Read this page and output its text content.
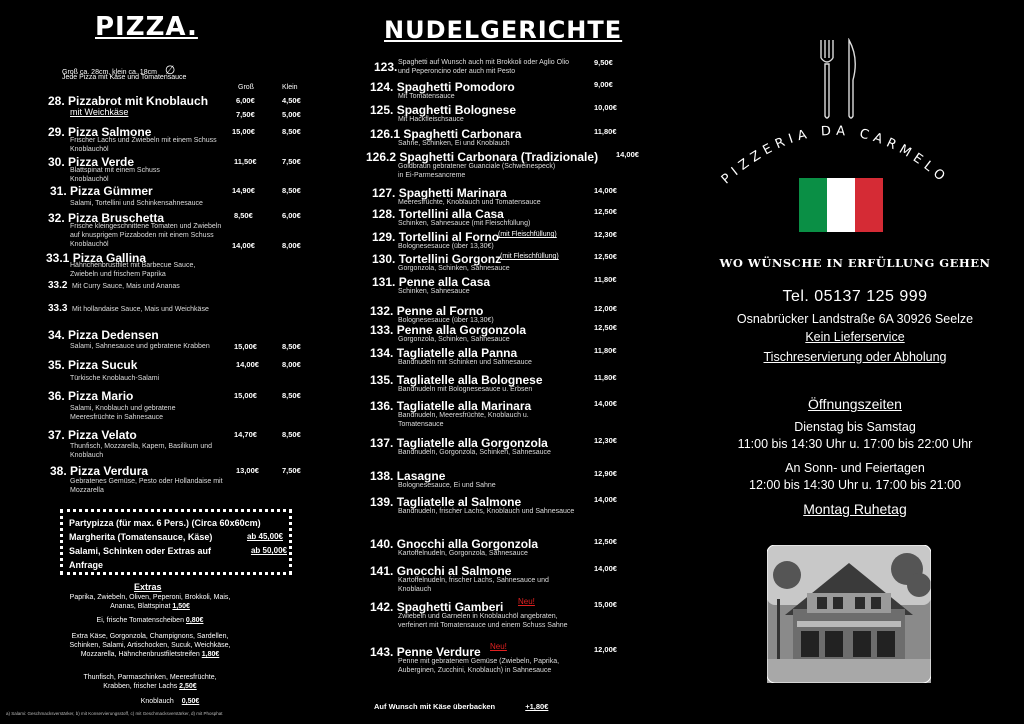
PIZZA.
Groß ca. 28cm, klein ca. 18cm ∅
Jede Pizza mit Käse und Tomatensauce
Groß	Klein
28. Pizzabrot mit Knoblauch
mit Weichkäse
6,00€	4,50€
7,50€	5,00€
29. Pizza Salmone
Frischer Lachs und Zwiebeln mit einem Schuss Knoblauchöl
15,00€	8,50€
30. Pizza Verde
Blattspinat mit einem Schuss Knoblauchöl
11,50€	7,50€
31. Pizza Gümmer
Salami, Tortellini und Schinkensahnesauce
14,90€	8,50€
32. Pizza Bruschetta
Frische kleingeschnittene Tomaten und Zwiebeln auf knusprigem Pizzaboden mit einem Schuss Knoblauchöl
8,50€	6,00€
14,00€	8,00€
33.1 Pizza Gallina
Hähnchenbrustfilet mit Barbecue Sauce, Zwiebeln und frischem Paprika
33.2 Mit Curry Sauce, Mais und Ananas
33.3 Mit hollandaise Sauce, Mais und Weichkäse
34. Pizza Dedensen
Salami, Sahnesauce und gebratene Krabben	15,00€	8,50€
35. Pizza Sucuk
Türkische Knoblauch-Salami
14,00€	8,00€
36. Pizza Mario
Salami, Knoblauch und gebratene Meeresfrüchte in Sahnesauce
15,00€	8,50€
37. Pizza Velato
Thunfisch, Mozzarella, Kapern, Basilikum und Knoblauch
14,70€	8,50€
38. Pizza Verdura
Gebratenes Gemüse, Pesto oder Hollandaise mit Mozzarella
13,00€	7,50€
Partypizza (für max. 6 Pers.) (Circa 60x60cm)
Margherita (Tomatensauce, Käse)	ab 45,00€
Salami, Schinken oder Extras auf Anfrage
ab 50,00€
Extras
Paprika, Zwiebeln, Oliven, Peperoni, Brokkoli, Mais, Ananas, Blattspinat 1,50€
Ei, frische Tomatenscheiben 0,80€
Extra Käse, Gorgonzola, Champignons, Sardellen, Schinken, Salami, Artischocken, Sucuk, Weichkäse, Mozzarella, Hähnchenbrustfiletstreifen 1,80€
Thunfisch, Parmaschinken, Meeresfrüchte, Krabben, frischer Lachs 2,50€
Knoblauch 0,50€
a) Salami: Geschmacksverstärker, b) mit Konservierungsstoff, c) mit Geschmacksverstärker, d) mit Phosphat
NUDELGERICHTE
123. Spaghetti auf Wunsch auch mit Brokkoli oder Aglio Olio und Peperoncino oder auch mit Pesto
9,50€
124. Spaghetti Pomodoro
Mit Tomatensauce
9,00€
125. Spaghetti Bolognese
Mit Hackfleischsauce
10,00€
126.1 Spaghetti Carbonara
Sahne, Schinken, Ei und Knoblauch
11,80€
126.2 Spaghetti Carbonara (Tradizionale)
Goldbraun gebratener Guanciale (Schweinespeck) in Ei-Parmesancreme
14,00€
127. Spaghetti Marinara
Meeresfrüchte, Knoblauch und Tomatensauce
14,00€
128. Tortellini alla Casa
Schinken, Sahnesauce (mit Fleischfüllung)
12,50€
129. Tortellini al Forno
(mit Fleischfüllung)
Bolognesesauce (über 13,30€)
12,30€
130. Tortellini Gorgonz
(mit Fleischfüllung)
Gorgonzola, Schinken, Sahnesauce
12,50€
131. Penne alla Casa
Schinken, Sahnesauce
11,80€
132. Penne al Forno
Bolognesesauce (über 13,30€)
12,00€
133. Penne alla Gorgonzola
Gorgonzola, Schinken, Sahnesauce
12,50€
134. Tagliatelle alla Panna
Bandnudeln mit Schinken und Sahnesauce
11,80€
135. Tagliatelle alla Bolognese
Bandnudeln mit Bolognesesauce u. Erbsen
11,80€
136. Tagliatelle alla Marinara
Bandnudeln, Meeresfrüchte, Knoblauch u. Tomatensauce
14,00€
137. Tagliatelle alla Gorgonzola
Bandnudeln, Gorgonzola, Schinken, Sahnesauce
12,30€
138. Lasagne
Bolognesesauce, Ei und Sahne
12,90€
139. Tagliatelle al Salmone
Bandnudeln, frischer Lachs, Knoblauch und Sahnesauce
14,00€
140. Gnocchi alla Gorgonzola
Kartoffelnudeln, Gorgonzola, Sahnesauce
12,50€
141. Gnocchi al Salmone
Kartoffelnudeln, frischer Lachs, Sahnesauce und Knoblauch
14,00€
142. Spaghetti Gamberi Neu!
Zwiebeln und Garnelen in Knoblauchöl angebraten, verfeinert mit Tomatensauce und einem Schuss Sahne
15,00€
143. Penne Verdure Neu!
Penne mit gebratenem Gemüse (Zwiebeln, Paprika, Auberginen, Zucchini, Knoblauch) in Sahnesauce
12,00€
Auf Wunsch mit Käse überbacken	+1,80€
PIZZERIA DA CARMELO
WO WÜNSCHE IN ERFÜLLUNG GEHEN
Tel. 05137 125 999
Osnabrücker Landstraße 6A 30926 Seelze
Kein Lieferservice
Tischreservierung oder Abholung
Öffnungszeiten
Dienstag bis Samstag
11:00 bis 14:30 Uhr u. 17:00 bis 22:00 Uhr
An Sonn- und Feiertagen
12:00 bis 14:30 Uhr u. 17:00 bis 21:00
Montag Ruhetag
